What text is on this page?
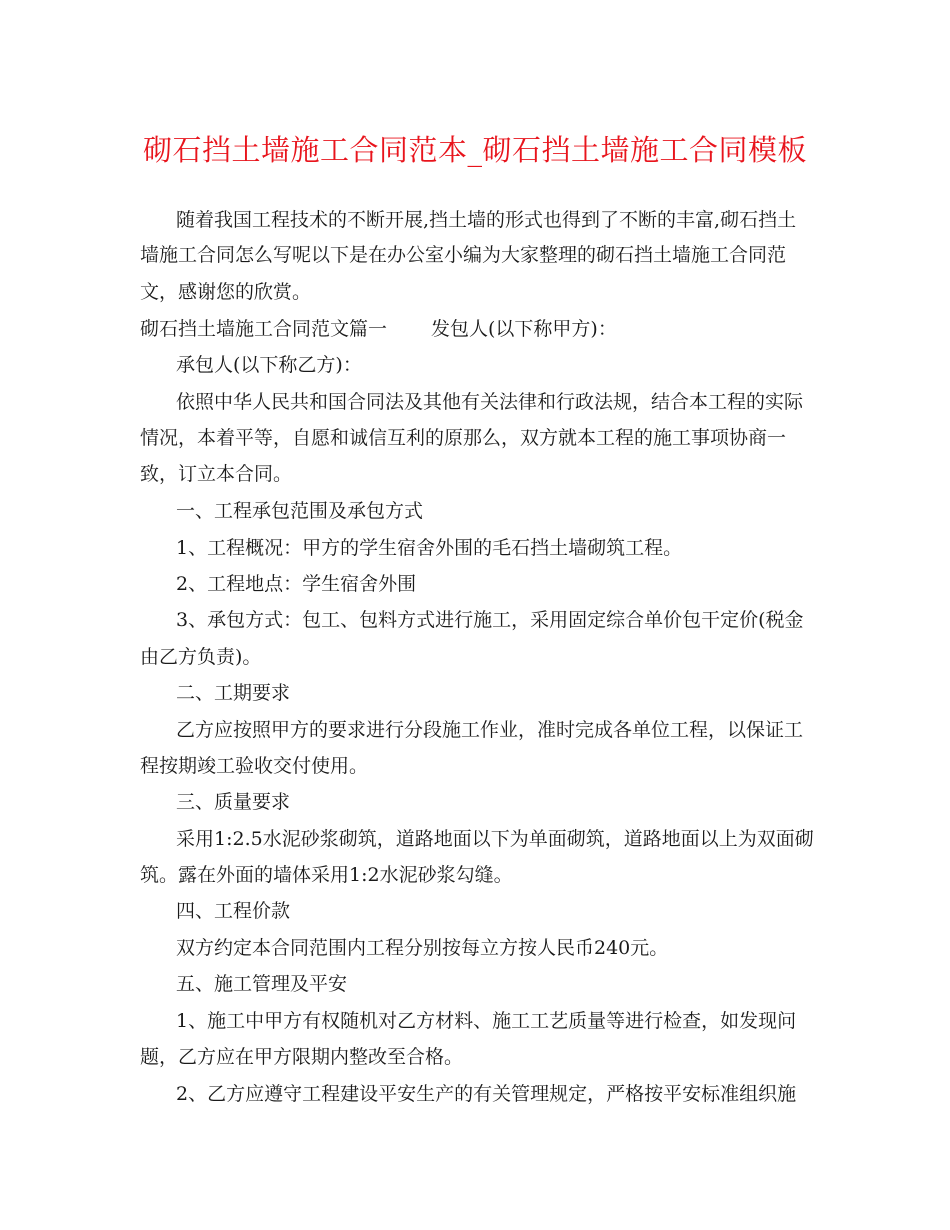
砌石挡土墙施工合同范本_砌石挡土墙施工合同模板
随着我国工程技术的不断开展,挡土墙的形式也得到了不断的丰富,砌石挡土
墙施工合同怎么写呢以下是在办公室小编为大家整理的砌石挡土墙施工合同范
文，感谢您的欣赏。
砌石挡土墙施工合同范文篇一 发包人(以下称甲方)：
承包人(以下称乙方)：
依照中华人民共和国合同法及其他有关法律和行政法规，结合本工程的实际
情况，本着平等，自愿和诚信互利的原那么，双方就本工程的施工事项协商一
致，订立本合同。
一、工程承包范围及承包方式
1、工程概况：甲方的学生宿舍外围的毛石挡土墙砌筑工程。
2、工程地点：学生宿舍外围
3、承包方式：包工、包料方式进行施工，采用固定综合单价包干定价(税金
由乙方负责)。
二、工期要求
乙方应按照甲方的要求进行分段施工作业，准时完成各单位工程，以保证工
程按期竣工验收交付使用。
三、质量要求
采用1:2.5水泥砂浆砌筑，道路地面以下为单面砌筑，道路地面以上为双面砌
筑。露在外面的墙体采用1:2水泥砂浆勾缝。
四、工程价款
双方约定本合同范围内工程分别按每立方按人民币240元。
五、施工管理及平安
1、施工中甲方有权随机对乙方材料、施工工艺质量等进行检查，如发现问
题，乙方应在甲方限期内整改至合格。
2、乙方应遵守工程建设平安生产的有关管理规定，严格按平安标准组织施
